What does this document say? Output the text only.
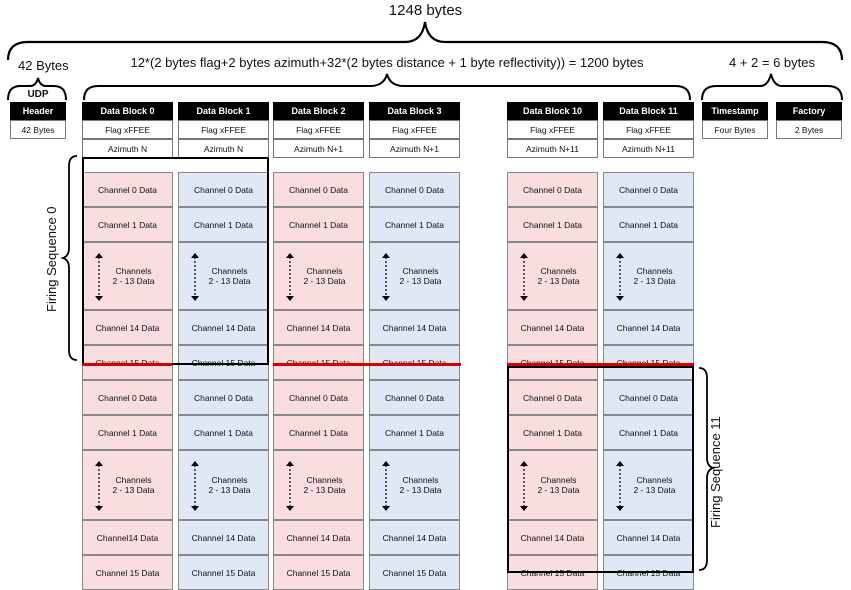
1248 bytes
42 Bytes	12*(2 bytes flag+2 bytes azimuth+32*(2 bytes distance + 1 byte reflectivity)) = 1200 bytes	4 + 2 = 6 bytes
UDP
Header
42 Bytes
Timestamp
Four Bytes
Factory
2 Bytes
Data Block 0
Flag xFFEE
Azimuth N
Channel 0 Data
Channel 1 Data
Channels
2 - 13 Data
Channel 14 Data
Channel 0 Data
Channel 1 Data
Channels
2 - 13 Data
Channel14 Data
Channel 15 Data
Data Block 1
Flag xFFEE
Azimuth N
Channel 0 Data
Channel 1 Data
Channels
2 - 13 Data
Channel 14 Data
Channel 15 Data
Channel 0 Data
Channel 1 Data
Channels
2 - 13 Data
Channel 14 Data
Channel 15 Data
Data Block 2
Flag xFFEE
Azimuth N+1
Channel 0 Data
Channel 1 Data
Channels
2 - 13 Data
Channel 14 Data
Channel 0 Data
Channel 1 Data
Channels
2 - 13 Data
Channel 14 Data
Channel 15 Data
Data Block 3
Flag xFFEE
Azimuth N+1
Channel 0 Data
Channel 1 Data
Channels
2 - 13 Data
Channel 14 Data
Channel 0 Data
Channel 1 Data
Channels
2 - 13 Data
Channel 14 Data
Channel 15 Data
Data Block 10
Flag xFFEE
Azimuth N+11
Channel 0 Data
Channel 1 Data
Channels
2 - 13 Data
Channel 14 Data
Channel 0 Data
Channel 1 Data
Channels
2 - 13 Data
Channel 14 Data
Channel 15 Data
Data Block 11
Flag xFFEE
Azimuth N+11
Channel 0 Data
Channel 1 Data
Channels
2 - 13 Data
Channel 14 Data
Channel 0 Data
Channel 1 Data
Channels
2 - 13 Data
Channel 14 Data
Channel 15 Data
Firing Sequence 0
Firing Sequence 11
